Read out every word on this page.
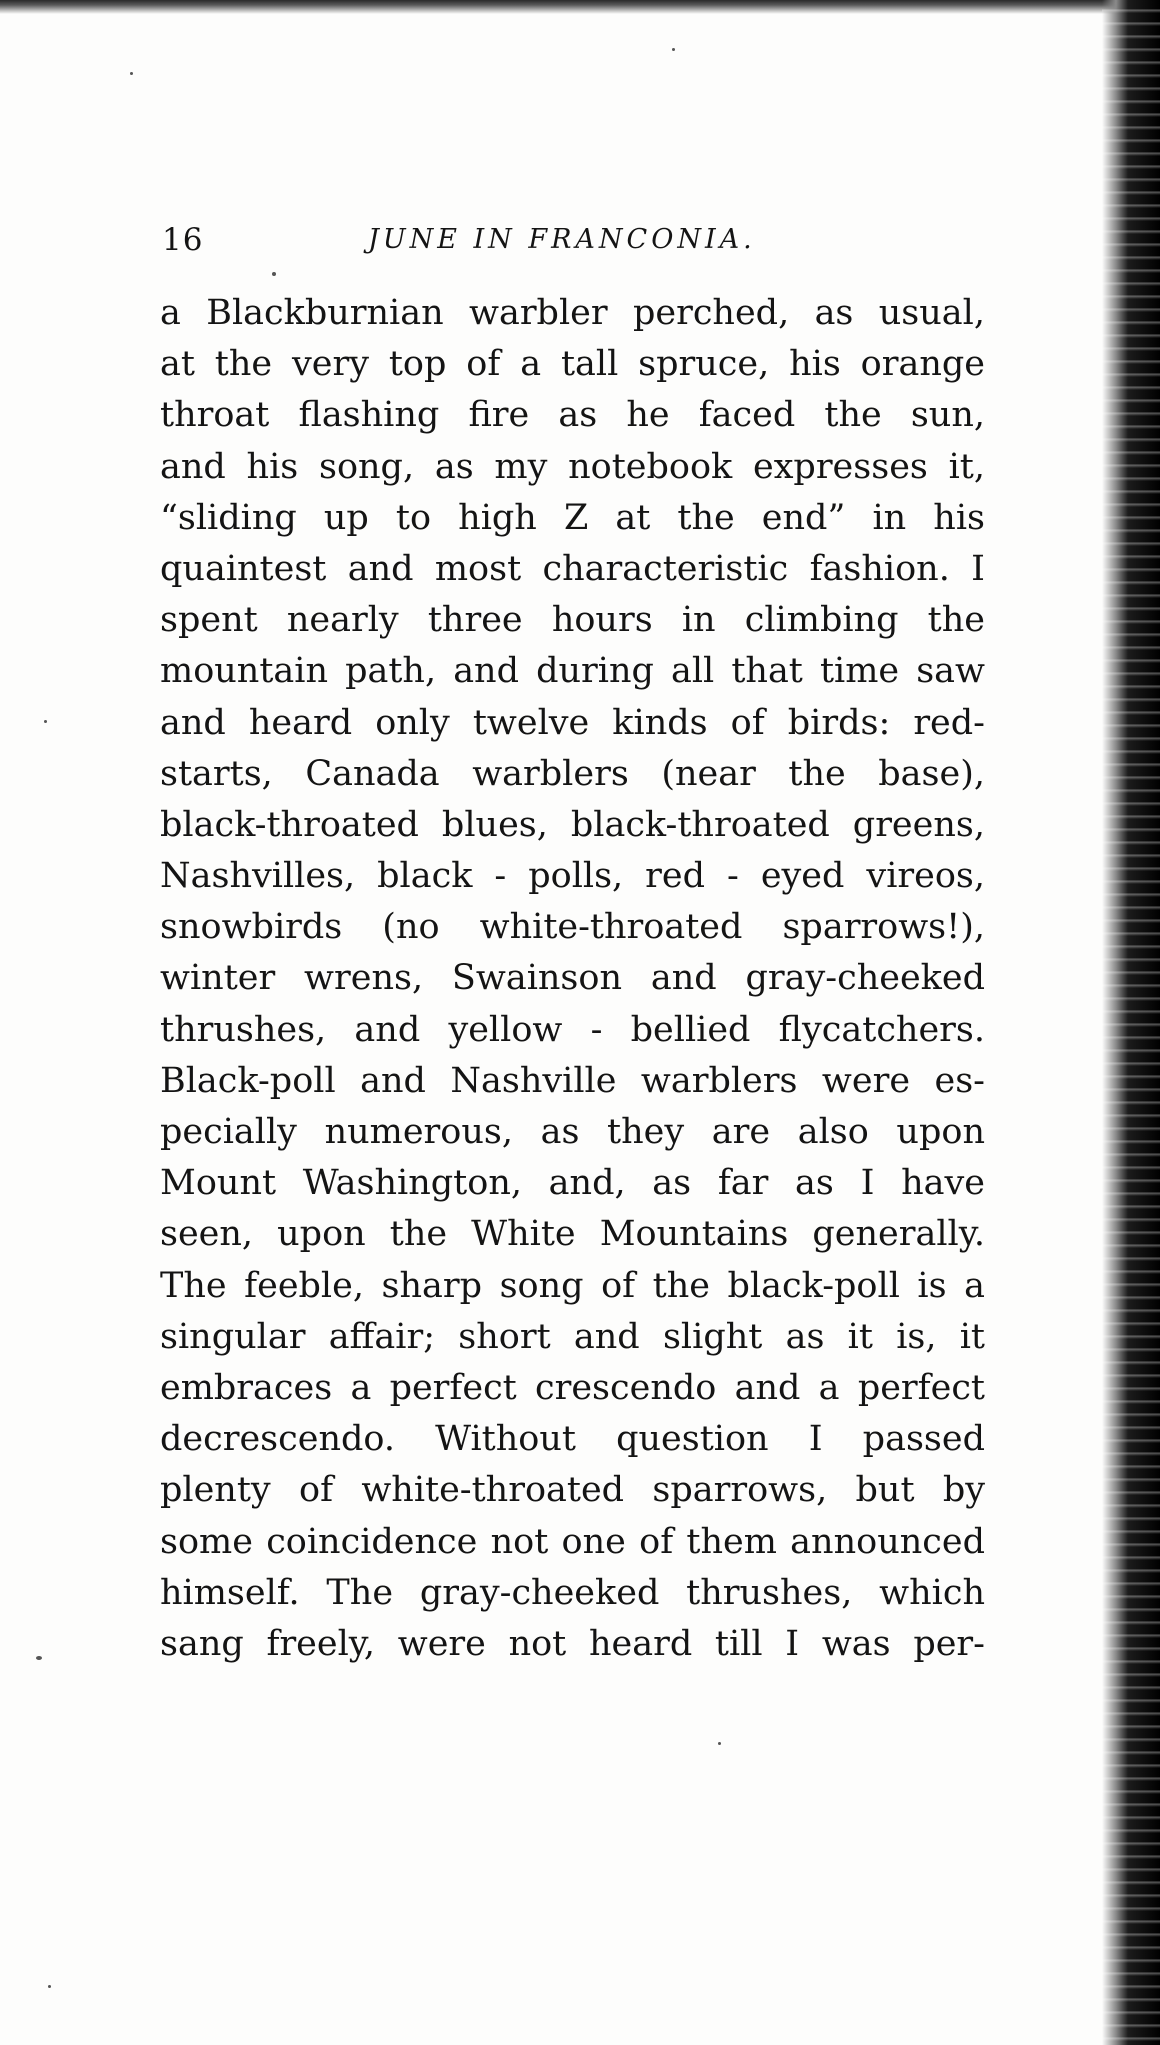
16	JUNE IN FRANCONIA.
a Blackburnian warbler perched, as usual,
at the very top of a tall spruce, his orange
throat flashing fire as he faced the sun,
and his song, as my notebook expresses it,
“sliding up to high Z at the end” in his
quaintest and most characteristic fashion. I
spent nearly three hours in climbing the
mountain path, and during all that time saw
and heard only twelve kinds of birds: red-
starts, Canada warblers (near the base),
black-throated blues, black-throated greens,
Nashvilles, black - polls, red - eyed vireos,
snowbirds (no white-throated sparrows!),
winter wrens, Swainson and gray-cheeked
thrushes, and yellow - bellied flycatchers.
Black-poll and Nashville warblers were es-
pecially numerous, as they are also upon
Mount Washington, and, as far as I have
seen, upon the White Mountains generally.
The feeble, sharp song of the black-poll is a
singular affair; short and slight as it is, it
embraces a perfect crescendo and a perfect
decrescendo. Without question I passed
plenty of white-throated sparrows, but by
some coincidence not one of them announced
himself. The gray-cheeked thrushes, which
sang freely, were not heard till I was per-
